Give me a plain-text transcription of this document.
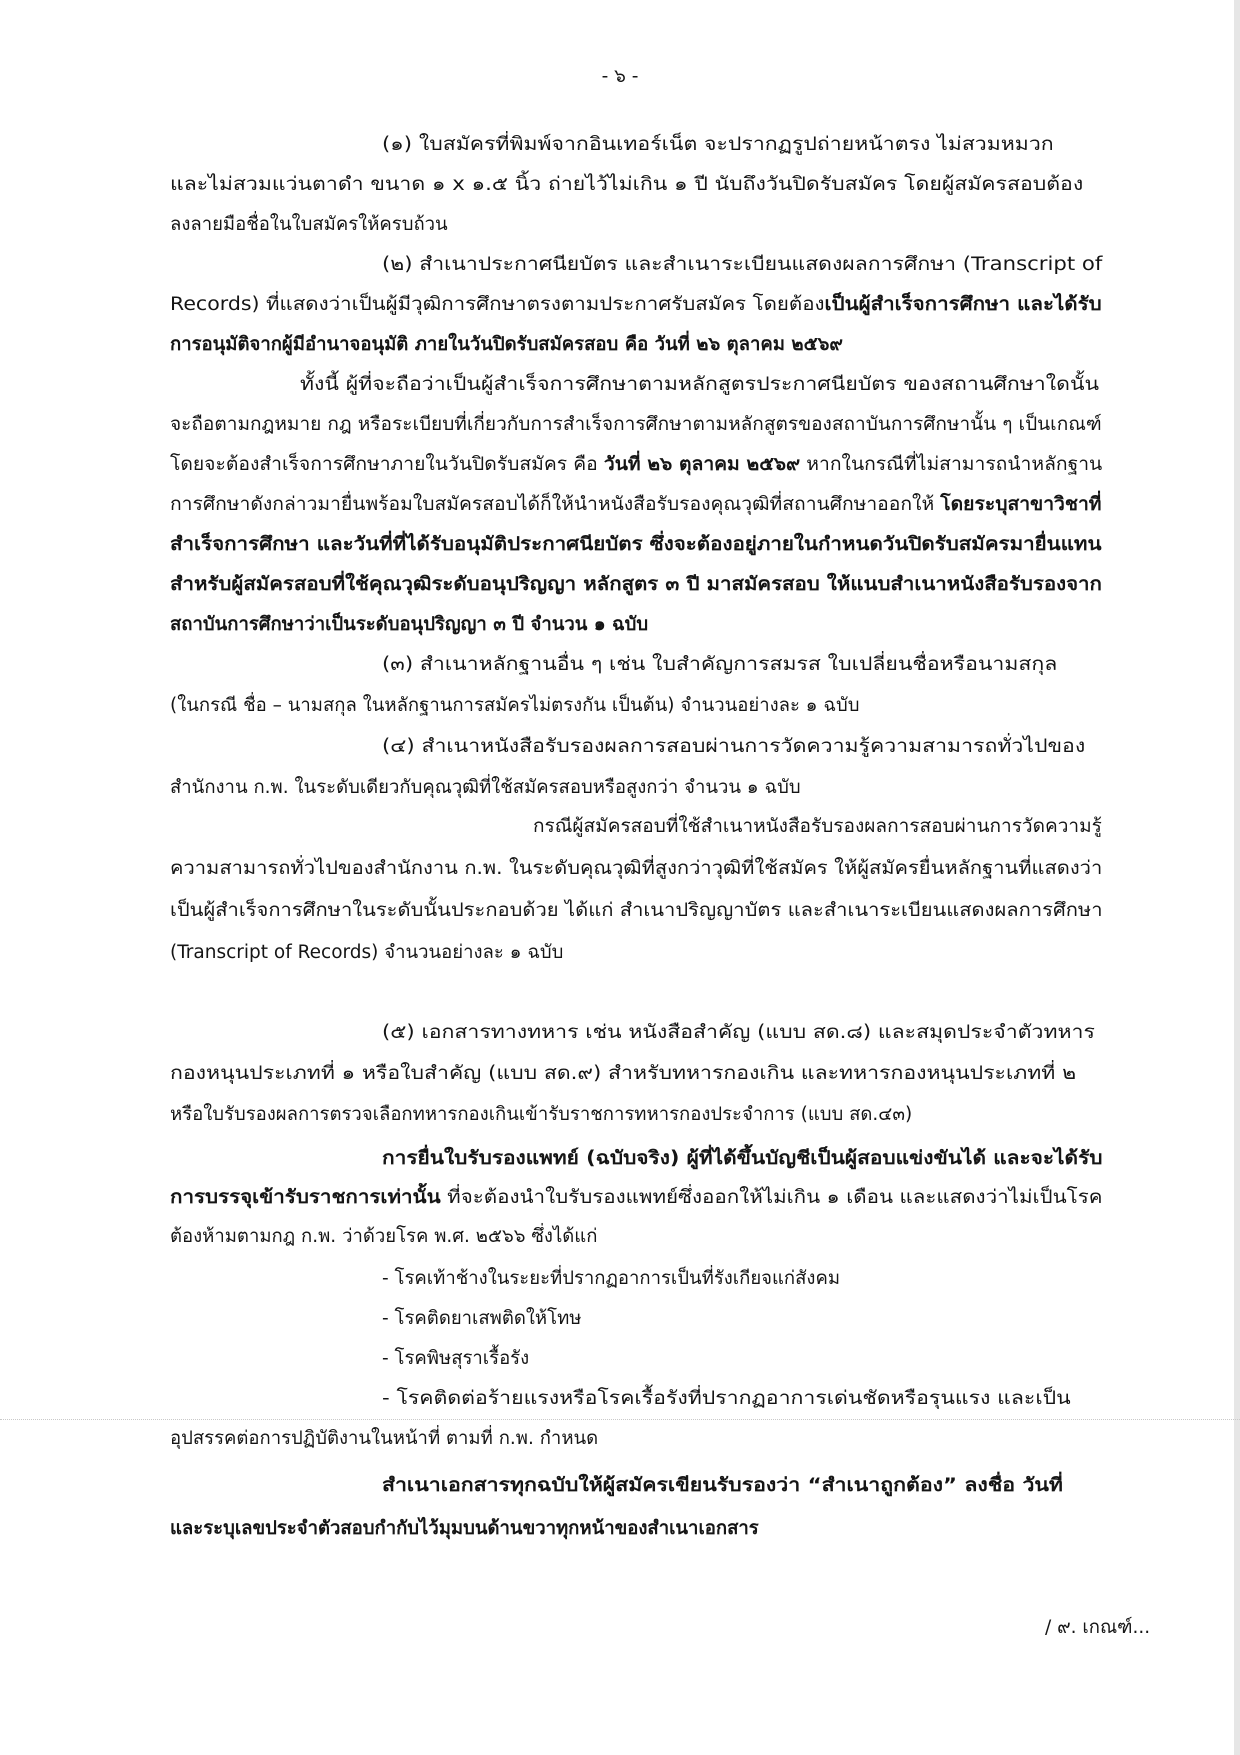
- ๖ -
(๑) ใบสมัครที่พิมพ์จากอินเทอร์เน็ต จะปรากฏรูปถ่ายหน้าตรง ไม่สวมหมวก
และไม่สวมแว่นตาดำ ขนาด ๑ x ๑.๕ นิ้ว ถ่ายไว้ไม่เกิน ๑ ปี นับถึงวันปิดรับสมัคร โดยผู้สมัครสอบต้อง
ลงลายมือชื่อในใบสมัครให้ครบถ้วน
(๒) สำเนาประกาศนียบัตร และสำเนาระเบียนแสดงผลการศึกษา (Transcript of
Records) ที่แสดงว่าเป็นผู้มีวุฒิการศึกษาตรงตามประกาศรับสมัคร โดยต้องเป็นผู้สำเร็จการศึกษา และได้รับ
การอนุมัติจากผู้มีอำนาจอนุมัติ ภายในวันปิดรับสมัครสอบ คือ วันที่ ๒๖ ตุลาคม ๒๕๖๙
ทั้งนี้ ผู้ที่จะถือว่าเป็นผู้สำเร็จการศึกษาตามหลักสูตรประกาศนียบัตร ของสถานศึกษาใดนั้น
จะถือตามกฎหมาย กฎ หรือระเบียบที่เกี่ยวกับการสำเร็จการศึกษาตามหลักสูตรของสถาบันการศึกษานั้น ๆ เป็นเกณฑ์
โดยจะต้องสำเร็จการศึกษาภายในวันปิดรับสมัคร คือ วันที่ ๒๖ ตุลาคม ๒๕๖๙ หากในกรณีที่ไม่สามารถนำหลักฐาน
การศึกษาดังกล่าวมายื่นพร้อมใบสมัครสอบได้ก็ให้นำหนังสือรับรองคุณวุฒิที่สถานศึกษาออกให้ โดยระบุสาขาวิชาที่
สำเร็จการศึกษา และวันที่ที่ได้รับอนุมัติประกาศนียบัตร ซึ่งจะต้องอยู่ภายในกำหนดวันปิดรับสมัครมายื่นแทน
สำหรับผู้สมัครสอบที่ใช้คุณวุฒิระดับอนุปริญญา หลักสูตร ๓ ปี มาสมัครสอบ ให้แนบสำเนาหนังสือรับรองจาก
สถาบันการศึกษาว่าเป็นระดับอนุปริญญา ๓ ปี จำนวน ๑ ฉบับ
(๓) สำเนาหลักฐานอื่น ๆ เช่น ใบสำคัญการสมรส ใบเปลี่ยนชื่อหรือนามสกุล
(ในกรณี ชื่อ – นามสกุล ในหลักฐานการสมัครไม่ตรงกัน เป็นต้น) จำนวนอย่างละ ๑ ฉบับ
(๔) สำเนาหนังสือรับรองผลการสอบผ่านการวัดความรู้ความสามารถทั่วไปของ
สำนักงาน ก.พ. ในระดับเดียวกับคุณวุฒิที่ใช้สมัครสอบหรือสูงกว่า จำนวน ๑ ฉบับ
กรณีผู้สมัครสอบที่ใช้สำเนาหนังสือรับรองผลการสอบผ่านการวัดความรู้
ความสามารถทั่วไปของสำนักงาน ก.พ. ในระดับคุณวุฒิที่สูงกว่าวุฒิที่ใช้สมัคร ให้ผู้สมัครยื่นหลักฐานที่แสดงว่า
เป็นผู้สำเร็จการศึกษาในระดับนั้นประกอบด้วย ได้แก่ สำเนาปริญญาบัตร และสำเนาระเบียนแสดงผลการศึกษา
(Transcript of Records) จำนวนอย่างละ ๑ ฉบับ
(๕) เอกสารทางทหาร เช่น หนังสือสำคัญ (แบบ สด.๘) และสมุดประจำตัวทหาร
กองหนุนประเภทที่ ๑ หรือใบสำคัญ (แบบ สด.๙) สำหรับทหารกองเกิน และทหารกองหนุนประเภทที่ ๒
หรือใบรับรองผลการตรวจเลือกทหารกองเกินเข้ารับราชการทหารกองประจำการ (แบบ สด.๔๓)
การยื่นใบรับรองแพทย์ (ฉบับจริง) ผู้ที่ได้ขึ้นบัญชีเป็นผู้สอบแข่งขันได้ และจะได้รับ
การบรรจุเข้ารับราชการเท่านั้น ที่จะต้องนำใบรับรองแพทย์ซึ่งออกให้ไม่เกิน ๑ เดือน และแสดงว่าไม่เป็นโรค
ต้องห้ามตามกฎ ก.พ. ว่าด้วยโรค พ.ศ. ๒๕๖๖ ซึ่งได้แก่
- โรคเท้าช้างในระยะที่ปรากฏอาการเป็นที่รังเกียจแก่สังคม
- โรคติดยาเสพติดให้โทษ
- โรคพิษสุราเรื้อรัง
- โรคติดต่อร้ายแรงหรือโรคเรื้อรังที่ปรากฏอาการเด่นชัดหรือรุนแรง และเป็น
อุปสรรคต่อการปฏิบัติงานในหน้าที่ ตามที่ ก.พ. กำหนด
สำเนาเอกสารทุกฉบับให้ผู้สมัครเขียนรับรองว่า “สำเนาถูกต้อง” ลงชื่อ วันที่
และระบุเลขประจำตัวสอบกำกับไว้มุมบนด้านขวาทุกหน้าของสำเนาเอกสาร
/ ๙. เกณฑ์...
